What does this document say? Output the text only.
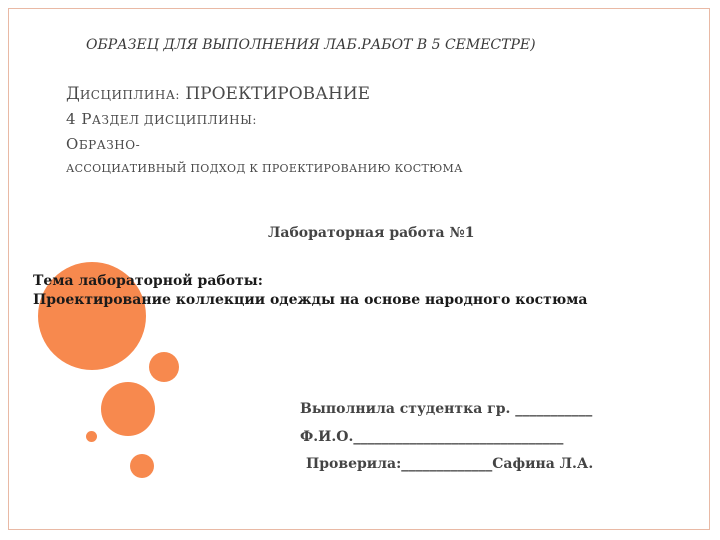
ОБРАЗЕЦ ДЛЯ ВЫПОЛНЕНИЯ ЛАБ.РАБОТ В 5 СЕМЕСТРЕ)
ДИСЦИПЛИНА: ПРОЕКТИРОВАНИЕ
4 РАЗДЕЛ ДИСЦИПЛИНЫ:
ОБРАЗНО-
АССОЦИАТИВНЫЙ ПОДХОД К ПРОЕКТИРОВАНИЮ КОСТЮМА
Лабораторная работа №1
Тема лабораторной работы:
Проектирование коллекции одежды на основе народного костюма
Выполнила студентка гр. ___________
Ф.И.О.______________________________
Проверила:_____________Сафина Л.А.
